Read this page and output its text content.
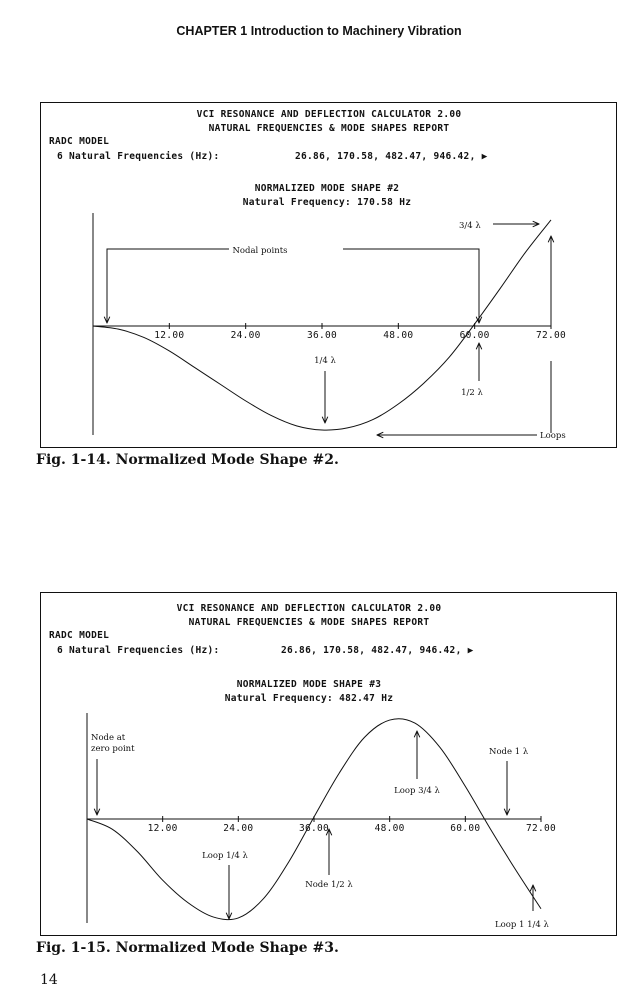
CHAPTER 1 Introduction to Machinery Vibration
VCI RESONANCE AND DEFLECTION CALCULATOR 2.00
NATURAL FREQUENCIES & MODE SHAPES REPORT
RADC MODEL
6 Natural Frequencies (Hz):	26.86, 170.58, 482.47, 946.42, ▶
NORMALIZED MODE SHAPE #2
Natural Frequency: 170.58 Hz
12.00	24.00	36.00	48.00	60.00	72.00
Nodal points
3/4 λ
1/4 λ
1/2 λ
Loops
Fig. 1-14. Normalized Mode Shape #2.
VCI RESONANCE AND DEFLECTION CALCULATOR 2.00
NATURAL FREQUENCIES & MODE SHAPES REPORT
RADC MODEL
6 Natural Frequencies (Hz):	26.86, 170.58, 482.47, 946.42, ▶
NORMALIZED MODE SHAPE #3
Natural Frequency: 482.47 Hz
12.00	24.00	36.00	48.00	60.00	72.00
Node at
zero point	Node 1 λ
Loop 3/4 λ
Loop 1/4 λ
Node 1/2 λ
Loop 1 1/4 λ
Fig. 1-15. Normalized Mode Shape #3.
14
